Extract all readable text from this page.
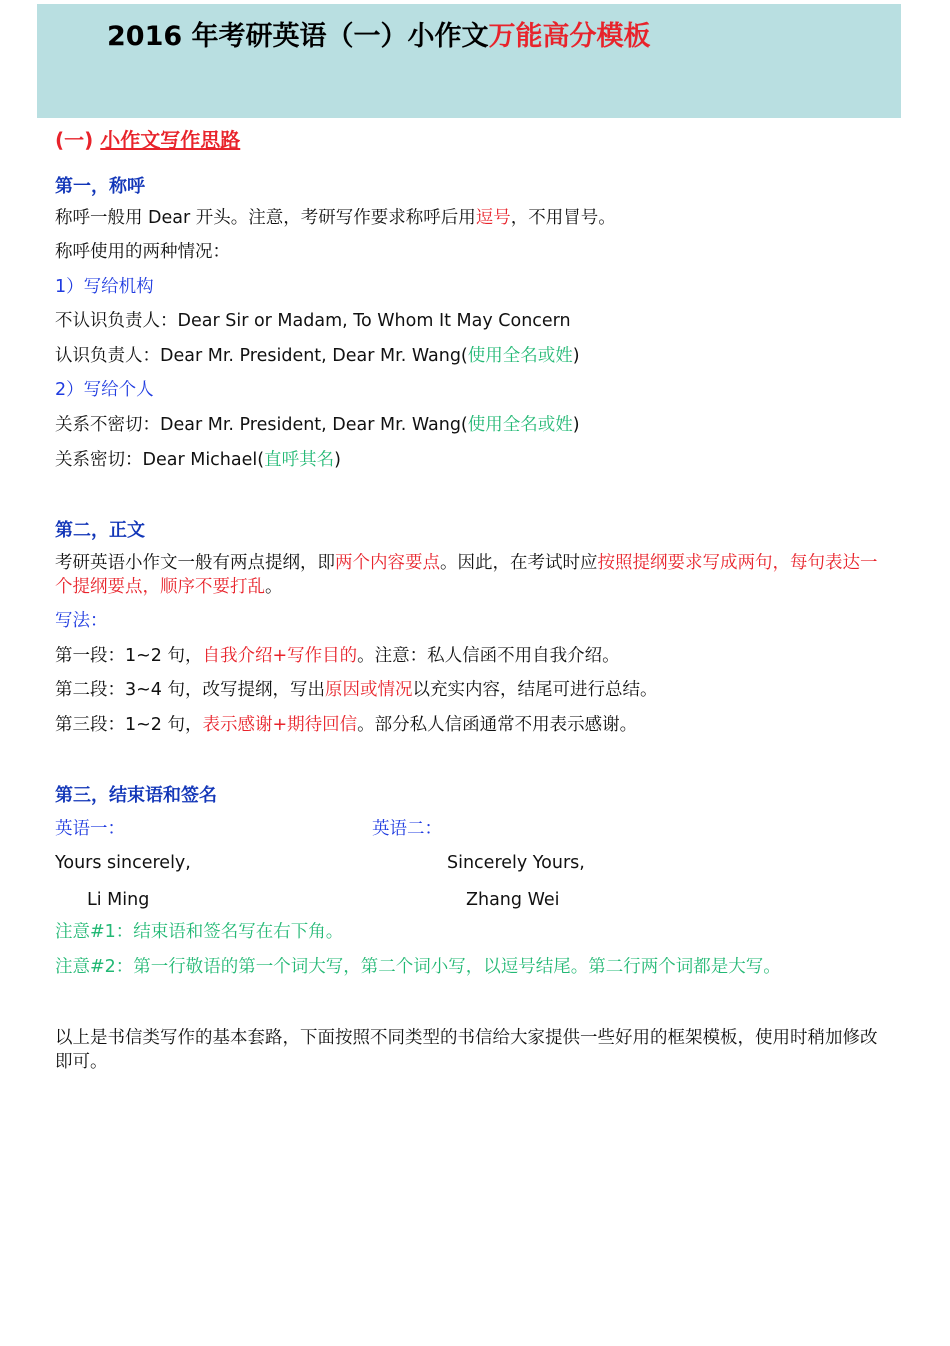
2016 年考研英语（一）小作文万能高分模板
(一) 小作文写作思路
第一，称呼
称呼一般用 Dear 开头。注意，考研写作要求称呼后用逗号，不用冒号。
称呼使用的两种情况：
1）写给机构
不认识负责人：Dear Sir or Madam, To Whom It May Concern
认识负责人：Dear Mr. President, Dear Mr. Wang(使用全名或姓)
2）写给个人
关系不密切：Dear Mr. President, Dear Mr. Wang(使用全名或姓)
关系密切：Dear Michael(直呼其名)
第二，正文
考研英语小作文一般有两点提纲，即两个内容要点。因此，在考试时应按照提纲要求写成两句，每句表达一个提纲要点，顺序不要打乱。
写法：
第一段：1~2 句，自我介绍+写作目的。注意：私人信函不用自我介绍。
第二段：3~4 句，改写提纲，写出原因或情况以充实内容，结尾可进行总结。
第三段：1~2 句，表示感谢+期待回信。部分私人信函通常不用表示感谢。
第三，结束语和签名
英语一：	英语二：
Yours sincerely,	Sincerely Yours,
Li Ming	Zhang Wei
注意#1：结束语和签名写在右下角。
注意#2：第一行敬语的第一个词大写，第二个词小写，以逗号结尾。第二行两个词都是大写。
以上是书信类写作的基本套路，下面按照不同类型的书信给大家提供一些好用的框架模板，使用时稍加修改即可。
